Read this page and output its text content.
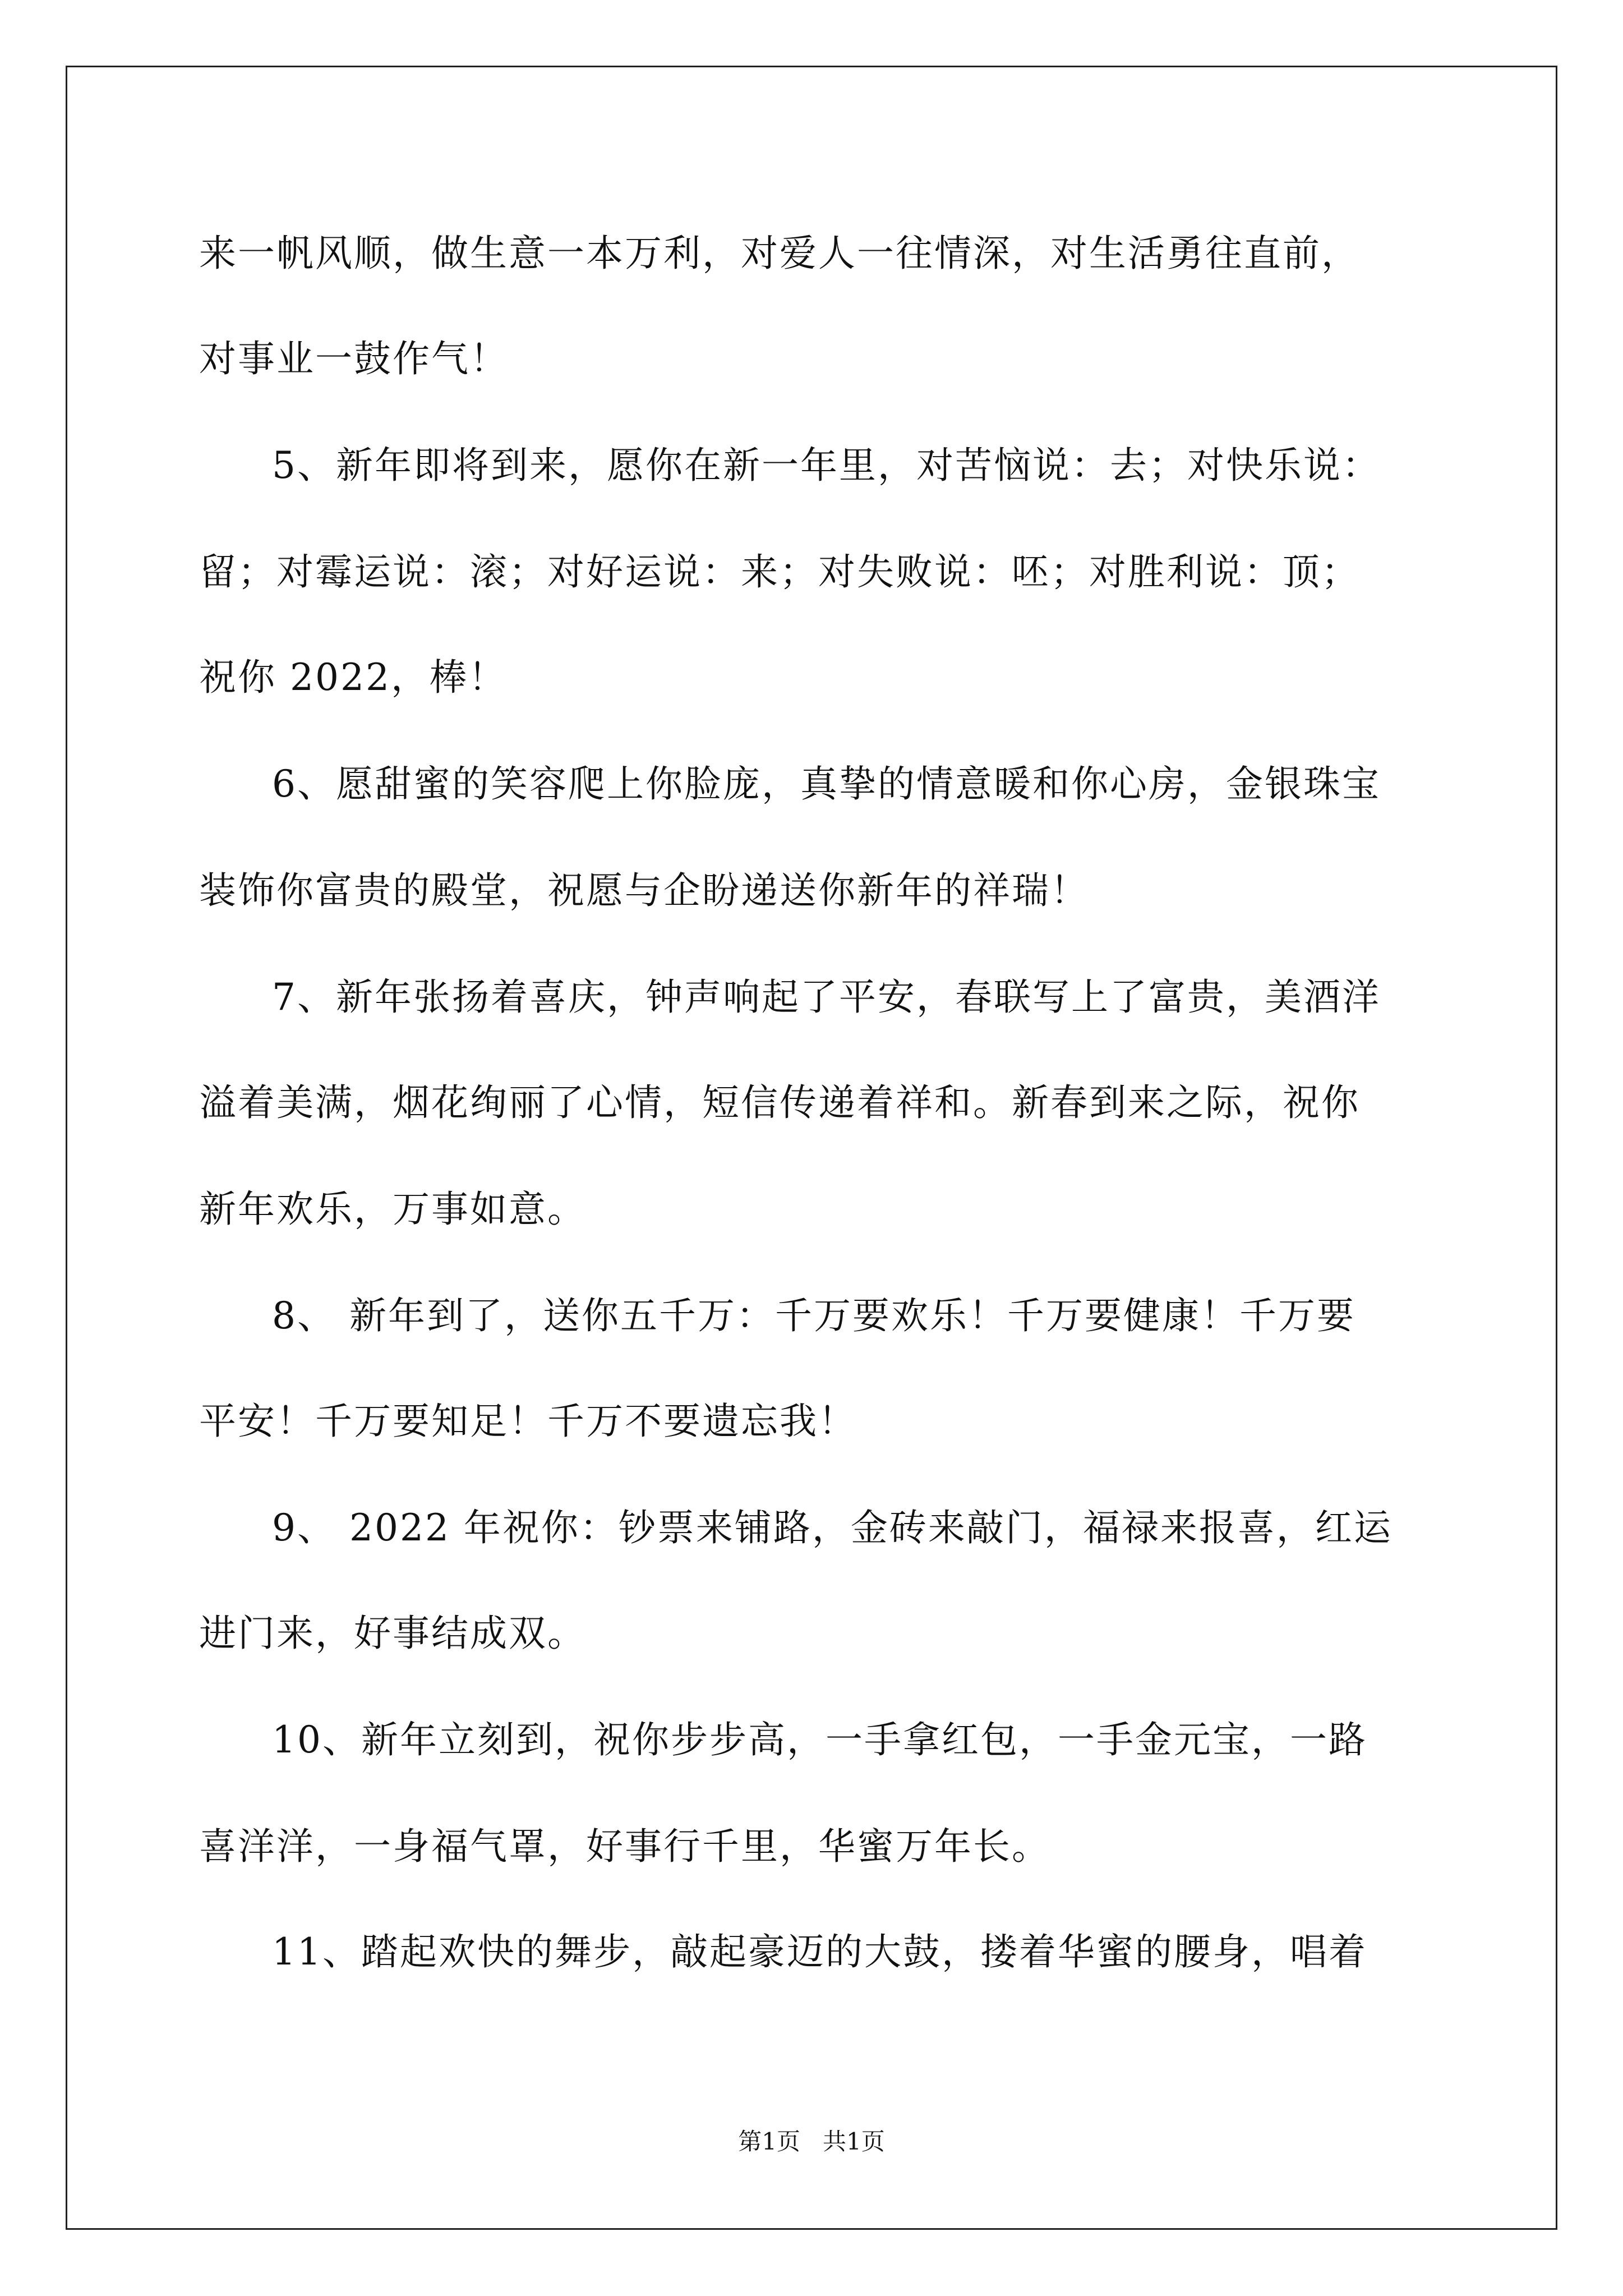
来一帆风顺，做生意一本万利，对爱人一往情深，对生活勇往直前，
对事业一鼓作气！
5、新年即将到来，愿你在新一年里，对苦恼说：去；对快乐说：
留；对霉运说：滚；对好运说：来；对失败说：呸；对胜利说：顶；
祝你 2022，棒！
6、愿甜蜜的笑容爬上你脸庞，真挚的情意暖和你心房，金银珠宝
装饰你富贵的殿堂，祝愿与企盼递送你新年的祥瑞！
7、新年张扬着喜庆，钟声响起了平安，春联写上了富贵，美酒洋
溢着美满，烟花绚丽了心情，短信传递着祥和。新春到来之际，祝你
新年欢乐，万事如意。
8、 新年到了，送你五千万：千万要欢乐！千万要健康！千万要
平安！千万要知足！千万不要遗忘我！
9、 2022 年祝你：钞票来铺路，金砖来敲门，福禄来报喜，红运
进门来，好事结成双。
10、新年立刻到，祝你步步高，一手拿红包，一手金元宝，一路
喜洋洋，一身福气罩，好事行千里，华蜜万年长。
11、踏起欢快的舞步，敲起豪迈的大鼓，搂着华蜜的腰身，唱着
第1页   共1页
